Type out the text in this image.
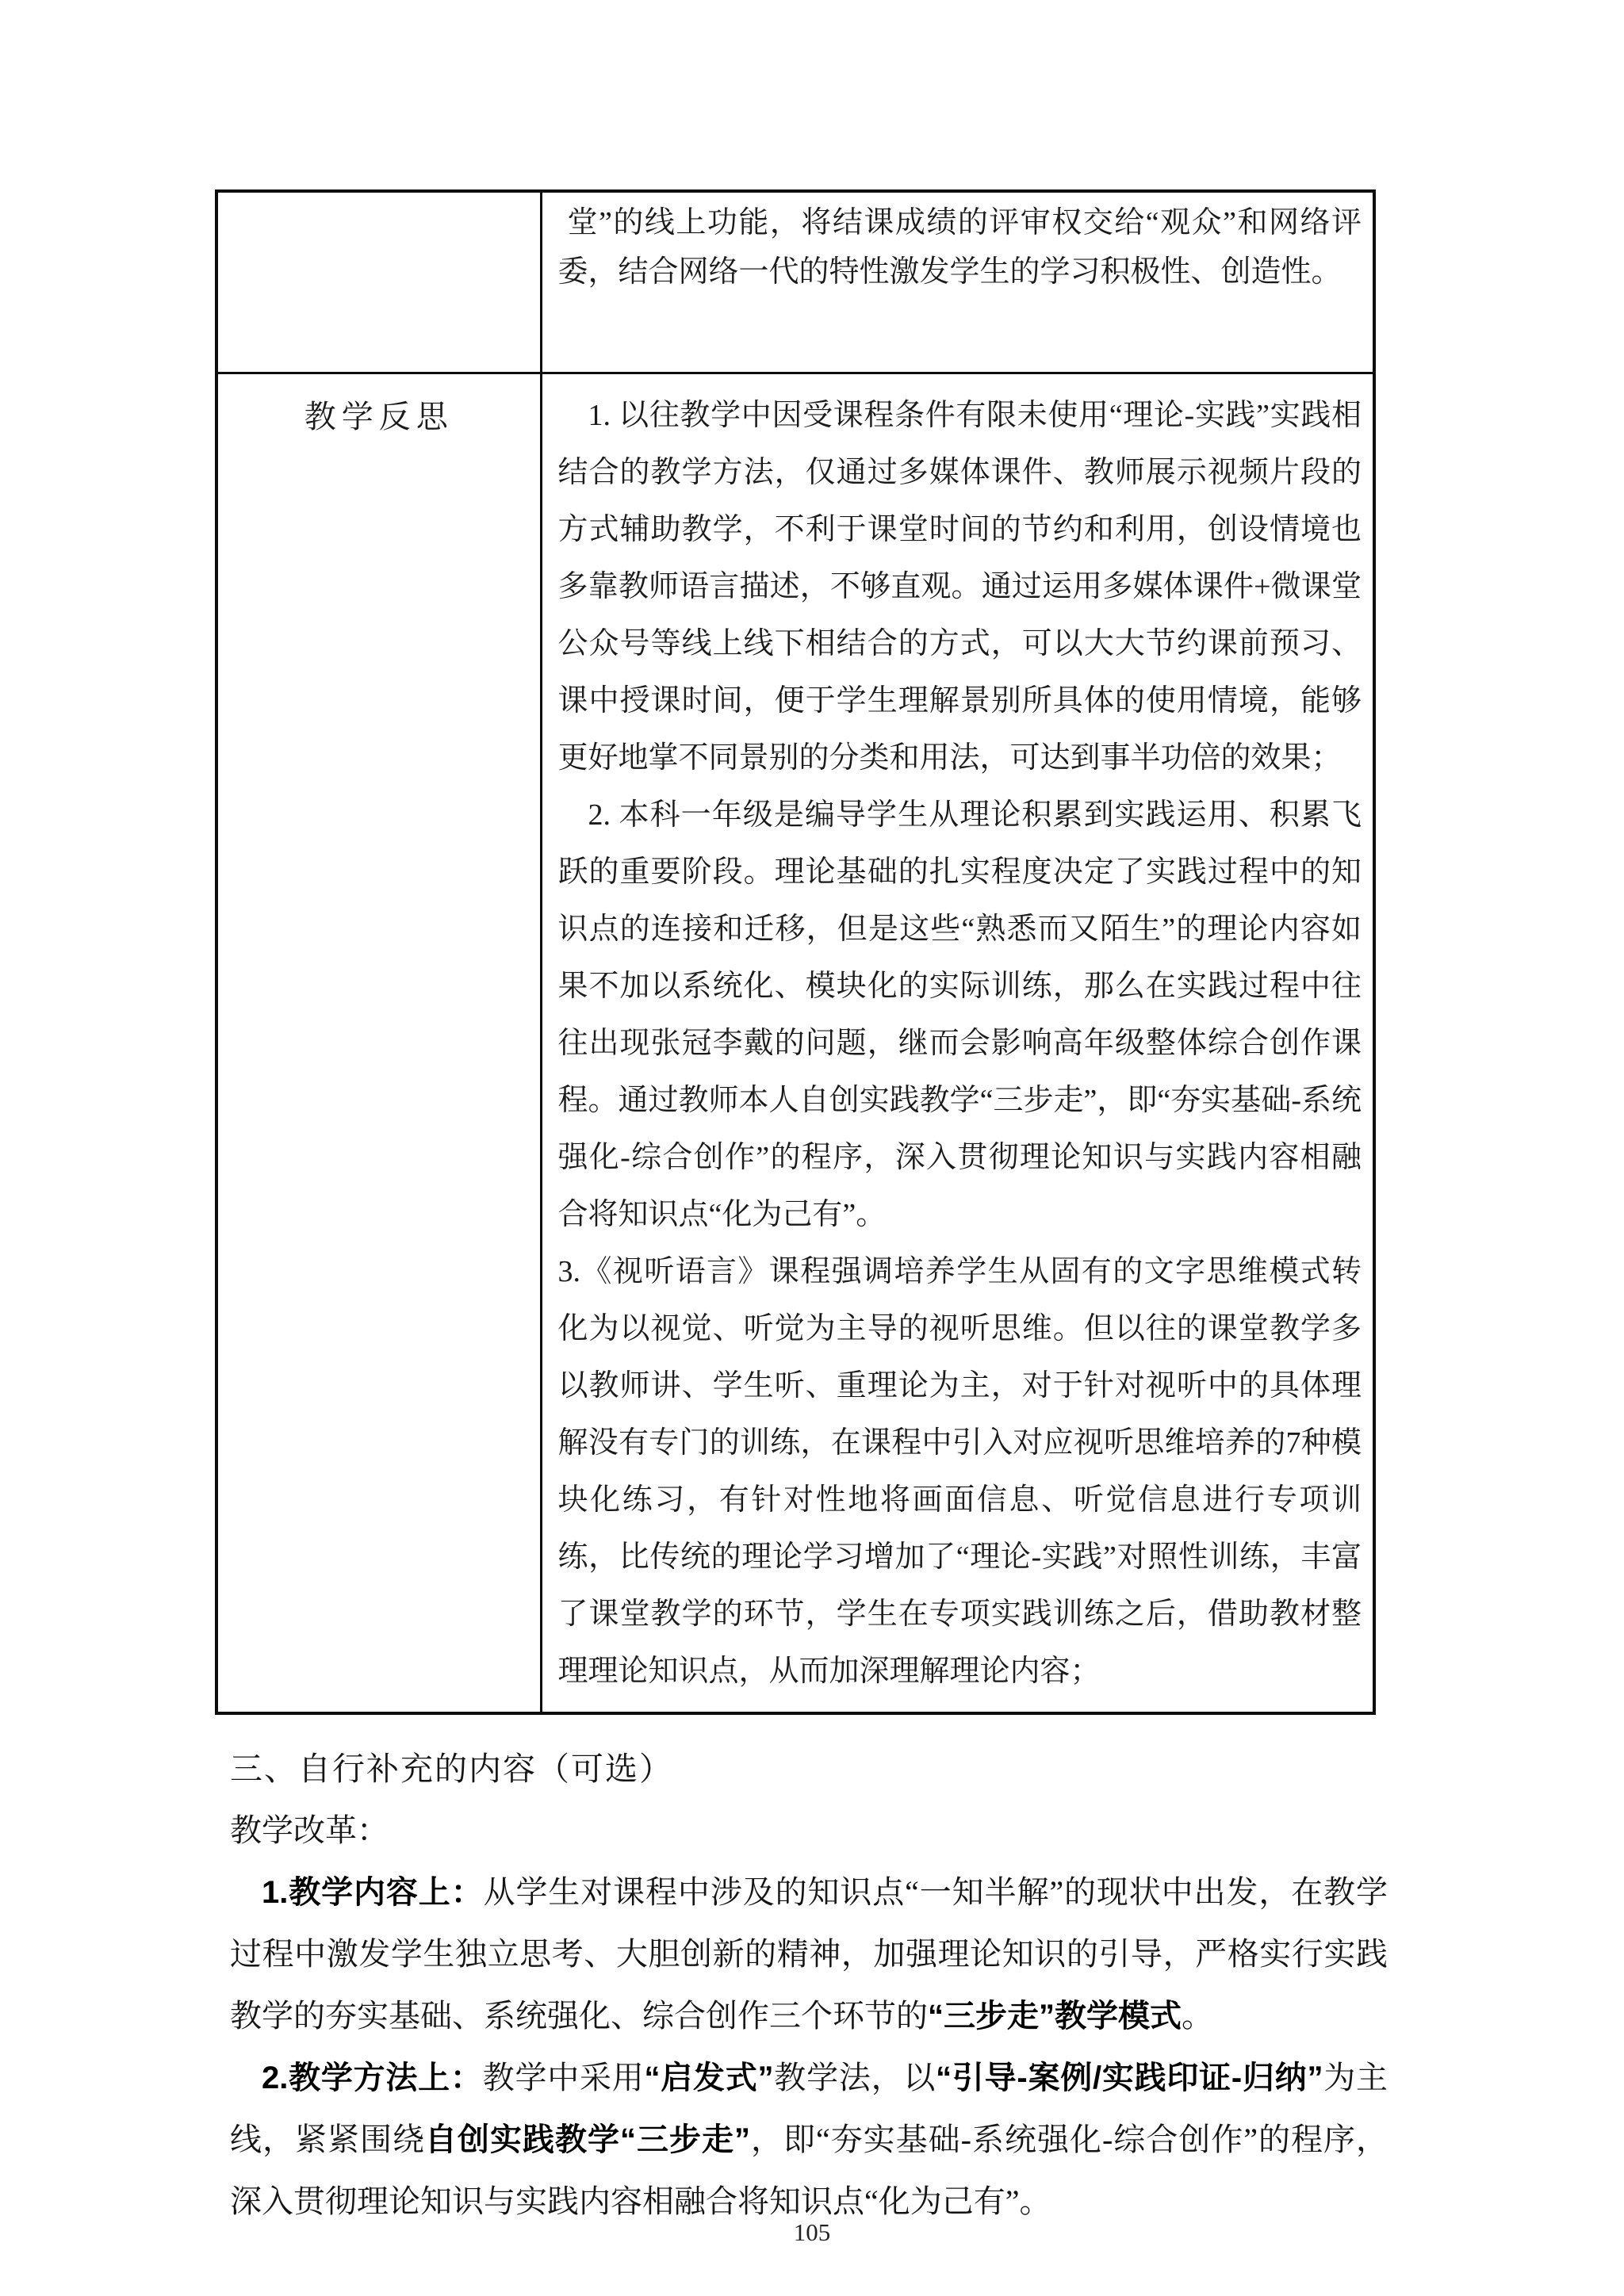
	堂”的线上功能，将结课成绩的评审权交给“观众”和网络评委，结合网络一代的特性激发学生的学习积极性、创造性。

教学反思	1. 以往教学中因受课程条件有限未使用“理论-实践”实践相结合的教学方法，仅通过多媒体课件、教师展示视频片段的方式辅助教学，不利于课堂时间的节约和利用，创设情境也多靠教师语言描述，不够直观。通过运用多媒体课件+微课堂公众号等线上线下相结合的方式，可以大大节约课前预习、课中授课时间，便于学生理解景别所具体的使用情境，能够更好地掌不同景别的分类和用法，可达到事半功倍的效果；

2. 本科一年级是编导学生从理论积累到实践运用、积累飞跃的重要阶段。理论基础的扎实程度决定了实践过程中的知识点的连接和迁移，但是这些“熟悉而又陌生”的理论内容如果不加以系统化、模块化的实际训练，那么在实践过程中往往出现张冠李戴的问题，继而会影响高年级整体综合创作课程。通过教师本人自创实践教学“三步走”，即“夯实基础-系统强化-综合创作”的程序，深入贯彻理论知识与实践内容相融合将知识点“化为己有”。

3.《视听语言》课程强调培养学生从固有的文字思维模式转化为以视觉、听觉为主导的视听思维。但以往的课堂教学多以教师讲、学生听、重理论为主，对于针对视听中的具体理解没有专门的训练，在课程中引入对应视听思维培养的7种模块化练习，有针对性地将画面信息、听觉信息进行专项训练，比传统的理论学习增加了“理论-实践”对照性训练，丰富了课堂教学的环节，学生在专项实践训练之后，借助教材整理理论知识点，从而加深理解理论内容；

三、自行补充的内容（可选）
教学改革：

1.教学内容上：从学生对课程中涉及的知识点“一知半解”的现状中出发，在教学过程中激发学生独立思考、大胆创新的精神，加强理论知识的引导，严格实行实践教学的夯实基础、系统强化、综合创作三个环节的“三步走”教学模式。

2.教学方法上：教学中采用“启发式”教学法，以“引导-案例/实践印证-归纳”为主线，紧紧围绕自创实践教学“三步走”，即“夯实基础-系统强化-综合创作”的程序，深入贯彻理论知识与实践内容相融合将知识点“化为己有”。

105
